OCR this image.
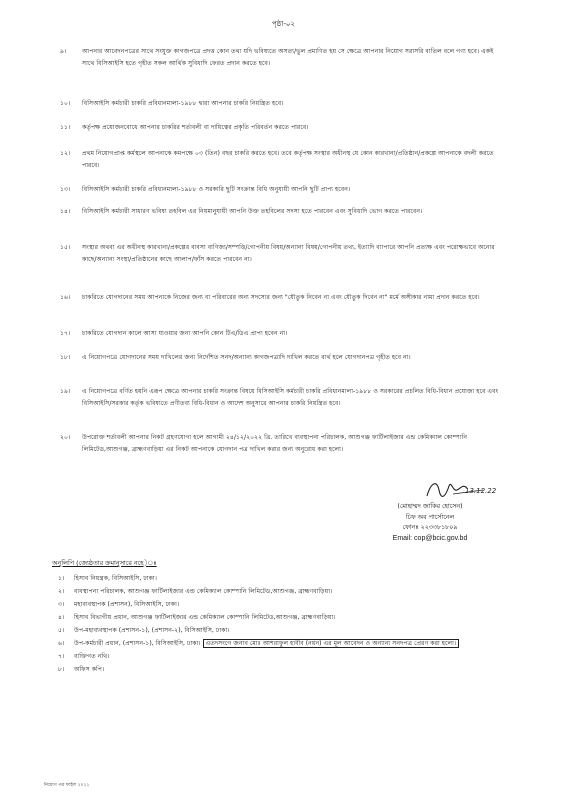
পৃষ্ঠা-০২
৯।	আপনার আবেদনপত্রের সাথে সংযুক্ত কাগজপত্রে প্রদত্ত কোন তথ্য যদি ভবিষ্যতে অসত্য/ভুল প্রমাণিত হয় সে ক্ষেত্রে আপনার নিয়োগ সরাসরি বাতিল বলে গণ্য হবে। একই সাথে বিসিআইসি হতে গৃহীত সকল আর্থিক সুবিধাদি ফেরত প্রদান করতে হবে।
১০। বিসিআইসি কর্মচারী চাকরি প্রবিধানমালা-১৯৮৮ দ্বারা আপনার চাকরি নিয়ন্ত্রিত হবে।
১১। কর্তৃপক্ষ প্রয়োজনবোধে আপনার চাকরির শর্তাবলী বা দায়িত্বের প্রকৃতি পরিবর্তন করতে পারবে।
১২। প্রথম নিয়োগপ্রাপ্ত কর্মস্থলে আপনাকে কমপক্ষে ০৩ (তিন) বছর চাকরি করতে হবে। তবে কর্তৃপক্ষ সংস্থার অধীনস্থ যে কোন কারখানা/প্রতিষ্ঠান/প্রকল্পে আপনাকে বদলী করতে পারবে।
১৩। বিসিআইসি কর্মচারী চাকরি প্রবিধানমালা-১৯৮৮ ও সরকারি ছুটি সংক্রান্ত বিধি অনুযায়ী আপনি ছুটি প্রাপ্য হবেন।
১৪। বিসিআইসি কর্মচারী সাধারণ ভবিষ্য তহবিল এর নিয়মানুযায়ী আপনি উক্ত তহবিলের সদস্য হতে পারবেন এবং সুবিধাদি ভোগ করতে পারবেন।
১৫। সংস্থার অথবা এর অধীনস্থ কারখানা/প্রকল্পের ব্যবসা বাণিজ্য/সম্পত্তি/গোপনীয় বিষয়/অন্যান্য বিষয়/গোপনীয় তথ্য, ইত্যাদি ব্যাপারে আপনি প্রত্যক্ষ এবং পরোক্ষভাবে অন্যের কাছে/অন্যান্য সংস্থা/প্রতিষ্ঠানের কাছে আলাপ/ফাঁস করতে পারবেন না।
১৬। চাকরিতে যোগদানের সময় আপনাকে নিজের জন্য বা পরিবারের অন্য সদস্যের জন্য "যৌতুক নিবেন না এবং যৌতুক দিবেন না" মর্মে অঙ্গীকার নামা প্রদান করতে হবে।
১৭। চাকরিতে যোগদান কালে আসা যাওয়ার জন্য আপনি কোন টিএ/ডিএ প্রাপ্য হবেন না।
১৮। এ নিয়োগপত্রে যোগদানের সময় দাখিলের জন্য নির্দেশিত সনদ/অন্যান্য কাগজপত্রাদি দাখিল করতে ব্যর্থ হলে যোগদানপত্র গৃহীত হবে না।
১৯। এ নিয়োগপত্রে বর্ণিত হয়নি এরূপ ক্ষেত্রে আপনার চাকরি সংক্রান্ত বিষয়ে বিসিআইসি কর্মচারী চাকরি প্রবিধানমালা-১৯৮৮ ও সরকারের প্রচলিত বিধি-বিধান প্রযোজ্য হবে এবং বিসিআইসি/সরকার কর্তৃক ভবিষ্যতে প্রণীতব্য বিধি-বিধান ও আদেশ অনুসারে আপনার চাকরি নিয়ন্ত্রিত হবে।
২০। উপরোক্ত শর্তাবলী আপনার নিকট গ্রহণযোগ্য হলে আগামী ২৪/১২/২০২২ খ্রি. তারিখে ব্যবস্থাপনা পরিচালক, আশুগঞ্জ ফার্টিলাইজার এন্ড কেমিক্যাল কোম্পানি লিমিটেড,আশুগঞ্জ, ব্রাহ্মণবাড়িয়া এর নিকট আপনাকে যোগদান পত্র দাখিল করার জন্য অনুরোধ করা হলো।
13.12.22
(মোহাম্মদ জাকির হোসেন)
চিফ অব পার্সোনেল
ফোনঃ ২২৩৩৮১৮০৯
Email: cop@bcic.gov.bd
অনুলিপি (জ্যেষ্ঠতার ক্রমানুসারে নহে)ঃ
১। হিসাব নিয়ন্ত্রক, বিসিআইসি, ঢাকা।
২। ব্যবস্থাপনা পরিচালক, আশুগঞ্জ ফার্টিলাইজার এন্ড কেমিক্যাল কোম্পানি লিমিটেড,আশুগঞ্জ, ব্রাহ্মণবাড়িয়া।
৩। মহাব্যবস্থাপক (প্রশাসন), বিসিআইসি, ঢাকা।
৪। হিসাব বিভাগীয় প্রধান, আশুগঞ্জ ফার্টিলাইজার এন্ড কেমিক্যাল কোম্পানি লিমিটেড,আশুগঞ্জ, ব্রাহ্মণবাড়িয়া।
৫। উপ-মহাব্যবস্থাপক (প্রশাসন-১), (প্রশাসন-২), বিসিআইসি, ঢাকা।
৬। উপ-কর্মচারী প্রধান, (প্রশাসন-১), বিসিআইসি, ঢাকা। এতদসংগে জনাব মোঃ আশরাফুল হাবীব (নয়ন) এর মূল আবেদন ও অন্যান্য সনদপত্র প্রেরণ করা হলো।
৭। ব্যক্তিগত নথি।
৮। অফিস কপি।
নিয়োগ পত্র ফাইল ২০২২
